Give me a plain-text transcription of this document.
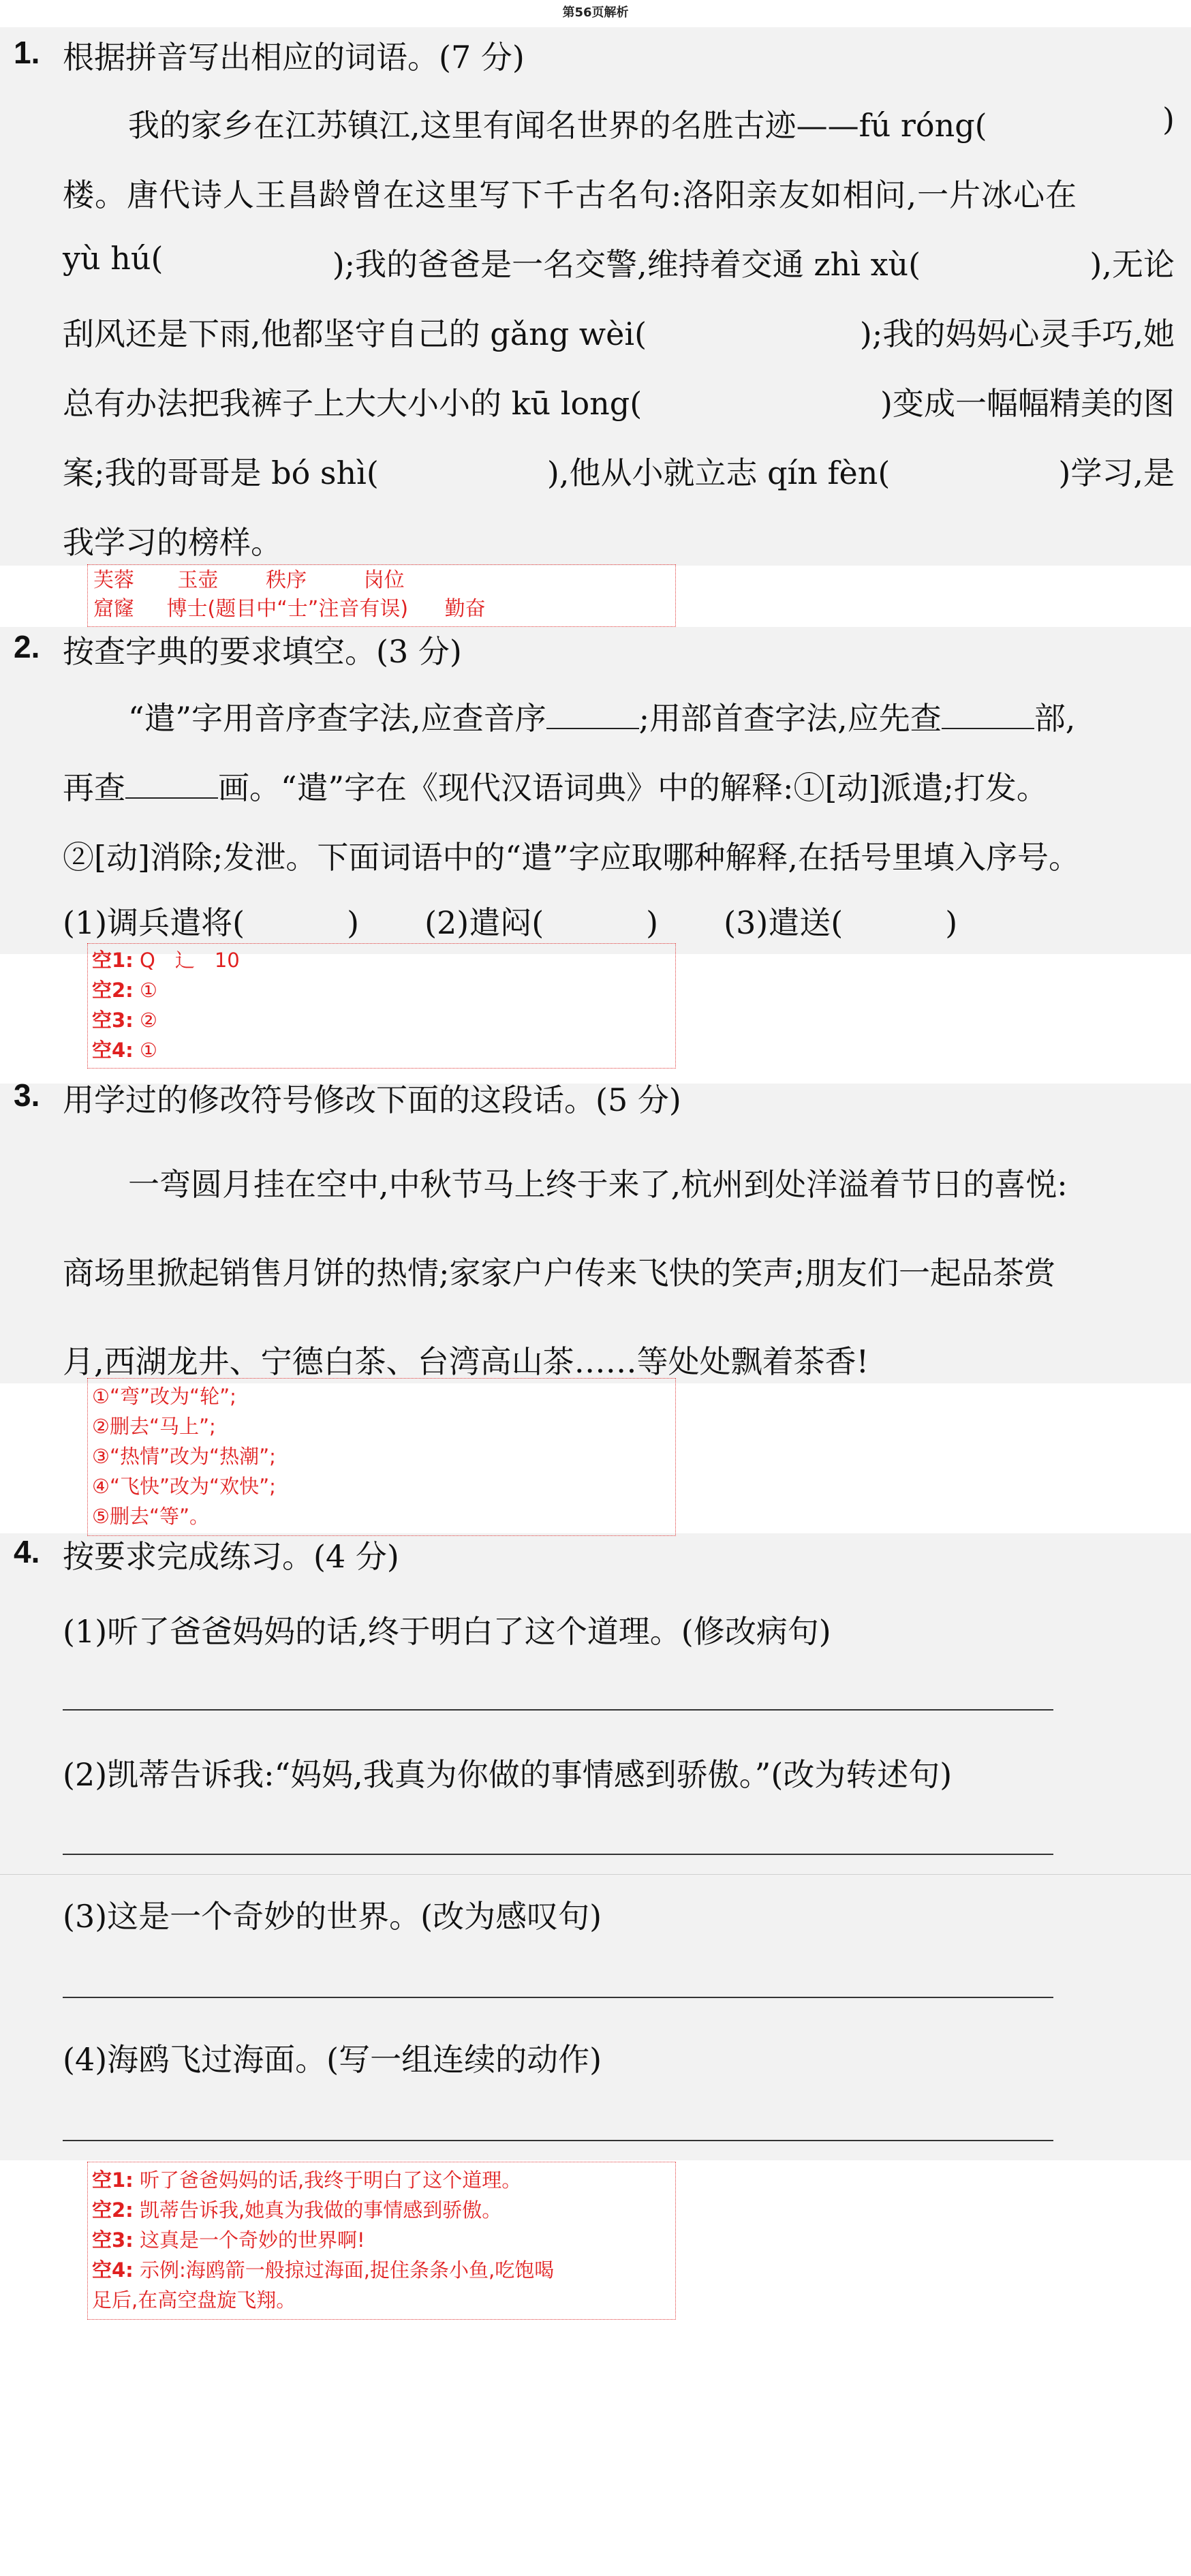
第56页解析
1. 根据拼音写出相应的词语。(7 分)
我的家乡在江苏镇江,这里有闻名世界的名胜古迹——fú róng(	)
楼。唐代诗人王昌龄曾在这里写下千古名句:洛阳亲友如相问,一片冰心在
yù hú(	);我的爸爸是一名交警,维持着交通 zhì xù(	),无论
刮风还是下雨,他都坚守自己的 gǎng wèi(	);我的妈妈心灵手巧,她
总有办法把我裤子上大大小小的 kū long(	)变成一幅幅精美的图
案;我的哥哥是 bó shì(	),他从小就立志 qín fèn(	)学习,是
我学习的榜样。
芙蓉 玉壶 秩序	岗位
窟窿 博士(题目中“士”注音有误) 勤奋
2. 按查字典的要求填空。(3 分)
“遣”字用音序查字法,应查音序	;用部首查字法,应先查	部,
再查	画。“遣”字在《现代汉语词典》中的解释:①[动]派遣;打发。
②[动]消除;发泄。下面词语中的“遣”字应取哪种解释,在括号里填入序号。
(1)调兵遣将(	) (2)遣闷(	) (3)遣送(	)
空1: Q　⻌　10
空2: ①
空3: ②
空4: ①
3. 用学过的修改符号修改下面的这段话。(5 分)
一弯圆月挂在空中,中秋节马上终于来了,杭州到处洋溢着节日的喜悦:
商场里掀起销售月饼的热情;家家户户传来飞快的笑声;朋友们一起品茶赏
月,西湖龙井、宁德白茶、台湾高山茶……等处处飘着茶香!
①“弯”改为“轮”;
②删去“马上”;
③“热情”改为“热潮”;
④“飞快”改为“欢快”;
⑤删去“等”。
4. 按要求完成练习。(4 分)
(1)听了爸爸妈妈的话,终于明白了这个道理。(修改病句)
(2)凯蒂告诉我:“妈妈,我真为你做的事情感到骄傲。”(改为转述句)
(3)这是一个奇妙的世界。(改为感叹句)
(4)海鸥飞过海面。(写一组连续的动作)
空1: 听了爸爸妈妈的话,我终于明白了这个道理。
空2: 凯蒂告诉我,她真为我做的事情感到骄傲。
空3: 这真是一个奇妙的世界啊!
空4: 示例:海鸥箭一般掠过海面,捉住条条小鱼,吃饱喝
足后,在高空盘旋飞翔。
